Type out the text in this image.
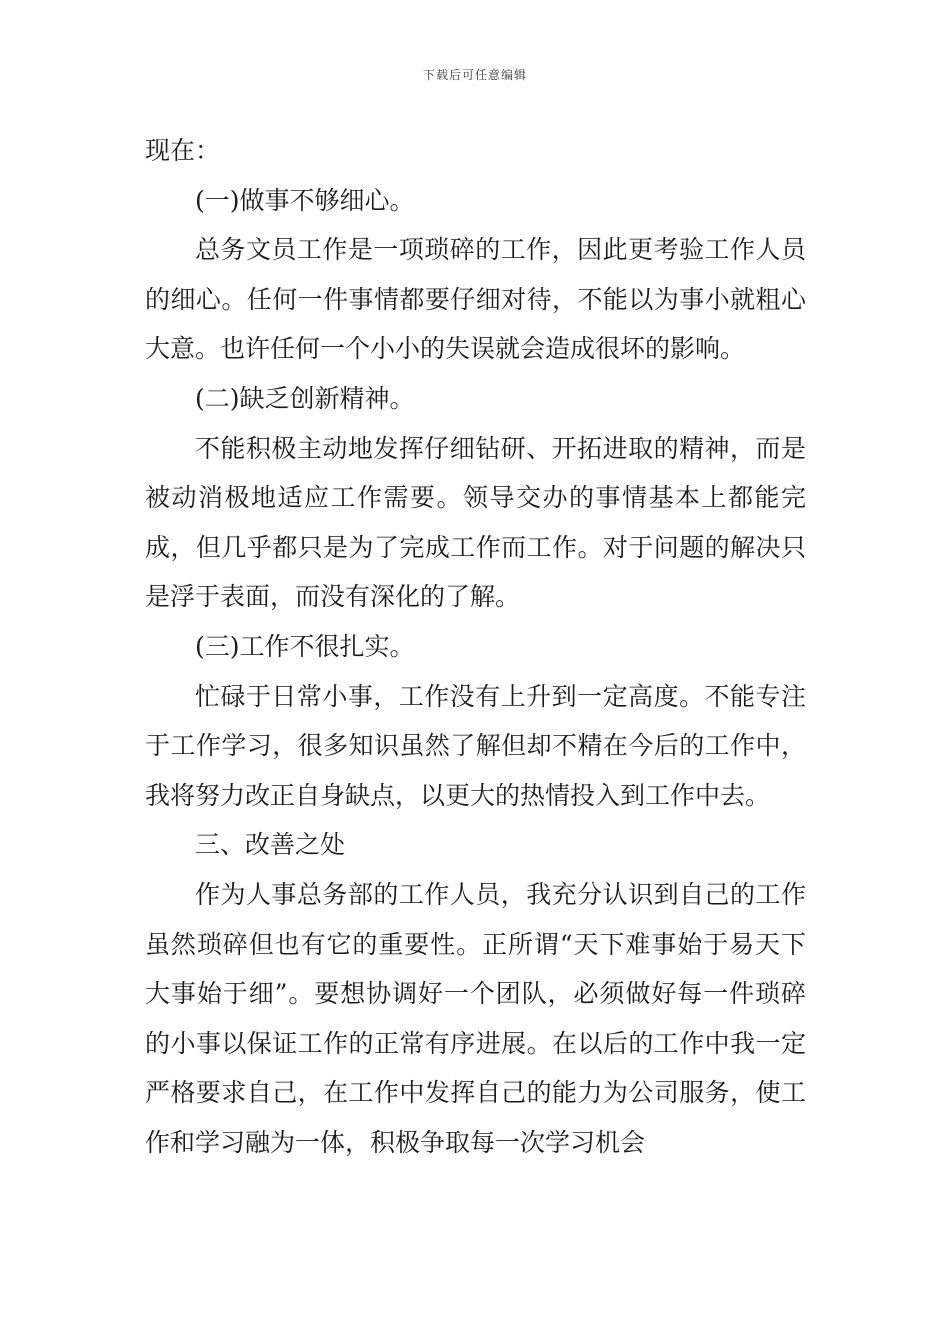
下载后可任意编辑

现在：

(一)做事不够细心。

总务文员工作是一项琐碎的工作，因此更考验工作人员的细心。任何一件事情都要仔细对待，不能以为事小就粗心大意。也许任何一个小小的失误就会造成很坏的影响。

(二)缺乏创新精神。

不能积极主动地发挥仔细钻研、开拓进取的精神，而是被动消极地适应工作需要。领导交办的事情基本上都能完成，但几乎都只是为了完成工作而工作。对于问题的解决只是浮于表面，而没有深化的了解。

(三)工作不很扎实。

忙碌于日常小事，工作没有上升到一定高度。不能专注于工作学习，很多知识虽然了解但却不精在今后的工作中，我将努力改正自身缺点，以更大的热情投入到工作中去。

三、改善之处

作为人事总务部的工作人员，我充分认识到自己的工作虽然琐碎但也有它的重要性。正所谓“天下难事始于易天下大事始于细”。要想协调好一个团队，必须做好每一件琐碎的小事以保证工作的正常有序进展。在以后的工作中我一定严格要求自己，在工作中发挥自己的能力为公司服务，使工作和学习融为一体，积极争取每一次学习机会
